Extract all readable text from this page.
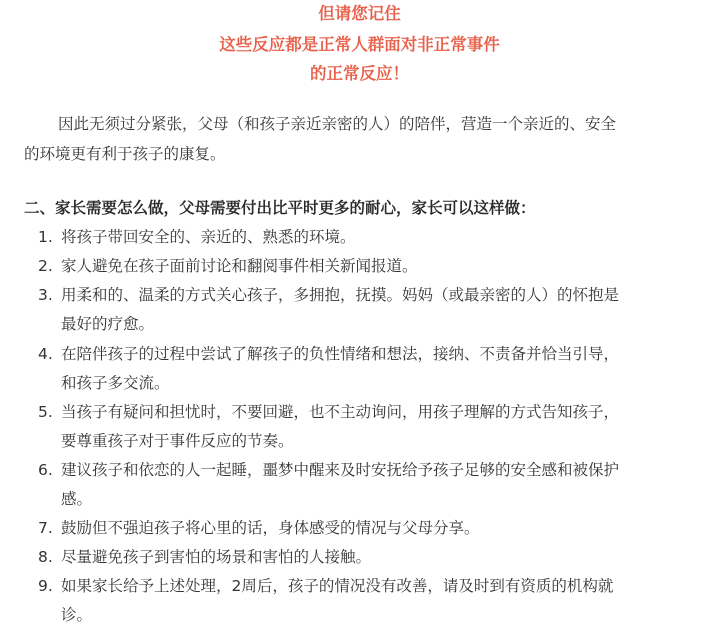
但请您记住
这些反应都是正常人群面对非正常事件
的正常反应！
因此无须过分紧张，父母（和孩子亲近亲密的人）的陪伴，营造一个亲近的、安全
的环境更有利于孩子的康复。
二、家长需要怎么做，父母需要付出比平时更多的耐心，家长可以这样做：
1. 将孩子带回安全的、亲近的、熟悉的环境。
2. 家人避免在孩子面前讨论和翻阅事件相关新闻报道。
3. 用柔和的、温柔的方式关心孩子，多拥抱，抚摸。妈妈（或最亲密的人）的怀抱是
最好的疗愈。
4. 在陪伴孩子的过程中尝试了解孩子的负性情绪和想法，接纳、不责备并恰当引导，
和孩子多交流。
5. 当孩子有疑问和担忧时，不要回避，也不主动询问，用孩子理解的方式告知孩子，
要尊重孩子对于事件反应的节奏。
6. 建议孩子和依恋的人一起睡，噩梦中醒来及时安抚给予孩子足够的安全感和被保护
感。
7. 鼓励但不强迫孩子将心里的话，身体感受的情况与父母分享。
8. 尽量避免孩子到害怕的场景和害怕的人接触。
9. 如果家长给予上述处理，2周后，孩子的情况没有改善，请及时到有资质的机构就
诊。
